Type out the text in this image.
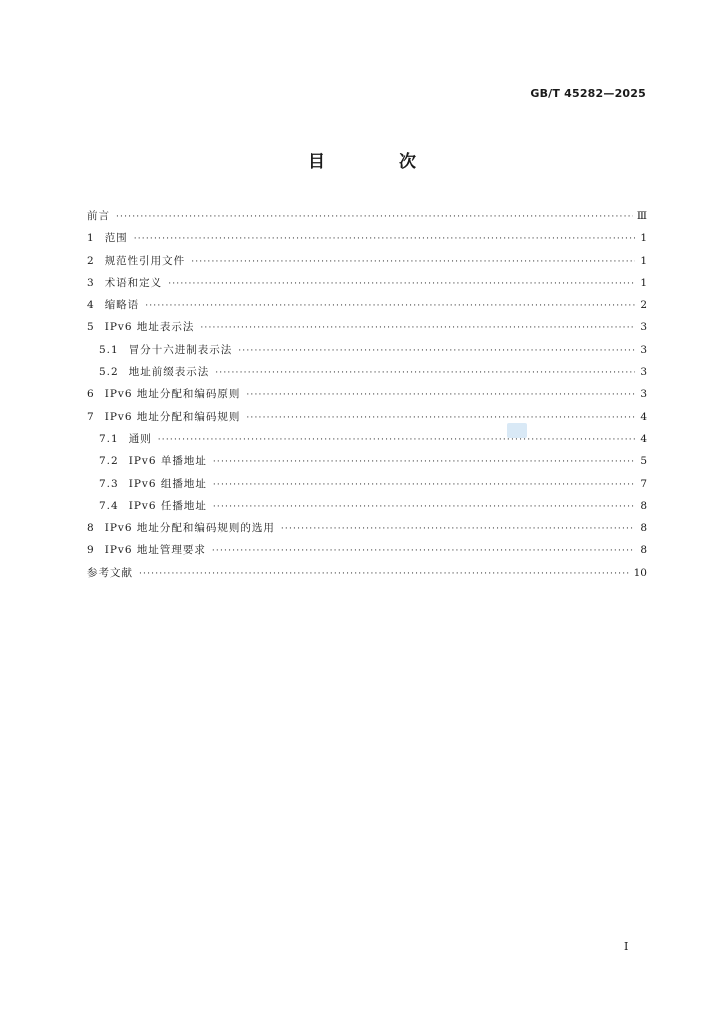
GB/T 45282—2025
目 次
前言 ·····	Ⅲ
1 范围 ·····	1
2 规范性引用文件 ·····	1
3 术语和定义 ·····	1
4 缩略语 ·····	2
5 IPv6 地址表示法 ·····	3
5.1 冒分十六进制表示法 ·····	3
5.2 地址前缀表示法 ·····	3
6 IPv6 地址分配和编码原则 ·····	3
7 IPv6 地址分配和编码规则 ·····	4
7.1 通则 ·····	4
7.2 IPv6 单播地址 ·····	5
7.3 IPv6 组播地址 ·····	7
7.4 IPv6 任播地址 ·····	8
8 IPv6 地址分配和编码规则的选用 ·····	8
9 IPv6 地址管理要求 ·····	8
参考文献 ·····	10
I
